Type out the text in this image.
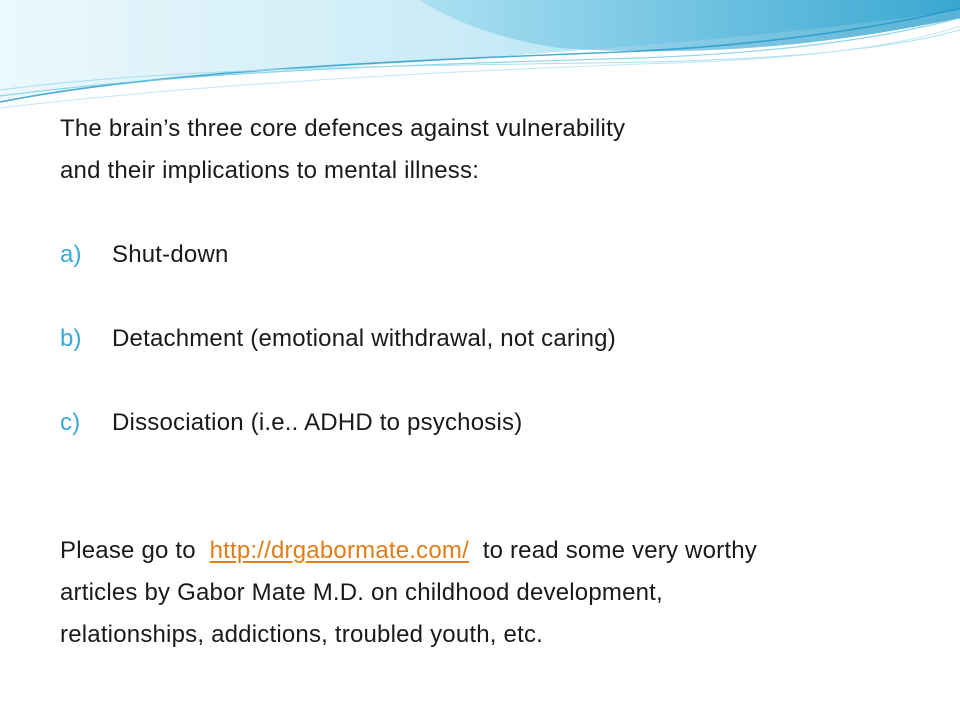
The brain’s three core defences against vulnerability

and their implications to mental illness:

a) Shut-down
b) Detachment (emotional withdrawal, not caring)
c) Dissociation (i.e.. ADHD to psychosis)
Please go to  http://drgabormate.com/  to read some very worthy
articles by Gabor Mate M.D. on childhood development,
relationships, addictions, troubled youth, etc.
